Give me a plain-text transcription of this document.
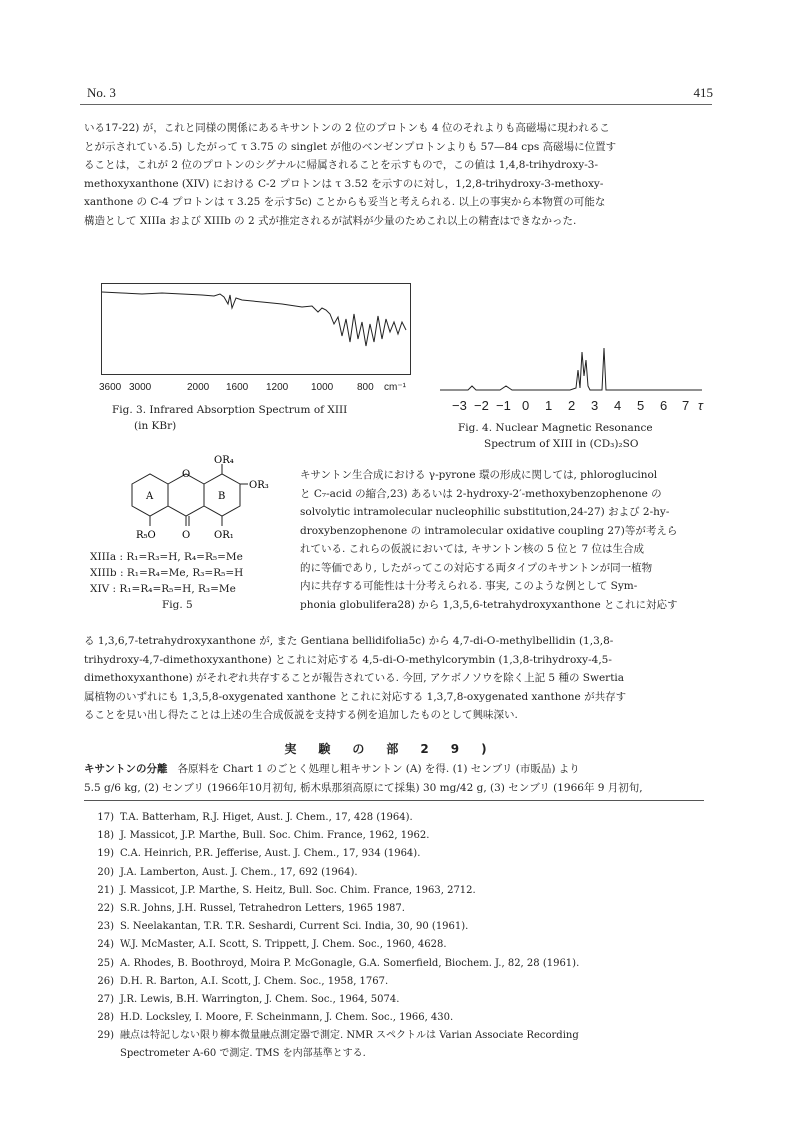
No. 3	415
いる17-22) が，これと同様の関係にあるキサントンの 2 位のプロトンも 4 位のそれよりも高磁場に現われるこ
とが示されている.5) したがって τ 3.75 の singlet が他のベンゼンプロトンよりも 57—84 cps 高磁場に位置す
ることは，これが 2 位のプロトンのシグナルに帰属されることを示すもので，この値は 1,4,8-trihydroxy-3-
methoxyxanthone (XIV) における C-2 プロトンは τ 3.52 を示すのに対し，1,2,8-trihydroxy-3-methoxy-
xanthone の C-4 プロトンは τ 3.25 を示す5c) ことからも妥当と考えられる. 以上の事実から本物質の可能な
構造として XIIIa および XIIIb の 2 式が推定されるが試料が少量のためこれ以上の精査はできなかった.
3600 3000	2000 1600 1200 1000 800 cm⁻¹
Fig. 3. Infrared Absorption Spectrum of XIII
(in KBr)
−3 −2 −1 0 1 2 3 4 5 6 7 τ
Fig. 4. Nuclear Magnetic Resonance
Spectrum of XIII in (CD₃)₂SO
OR₄
OR₃
O
A	B
R₅O	O OR₁
XIIIa : R₁=R₃=H, R₄=R₅=Me
XIIIb : R₁=R₄=Me, R₃=R₅=H
XIV : R₁=R₄=R₅=H, R₃=Me
Fig. 5
キサントン生合成における γ-pyrone 環の形成に関しては, phloroglucinol
と C₇-acid の縮合,23) あるいは 2-hydroxy-2′-methoxybenzophenone の
solvolytic intramolecular nucleophilic substitution,24-27) および 2-hy-
droxybenzophenone の intramolecular oxidative coupling 27)等が考えら
れている. これらの仮説においては, キサントン核の 5 位と 7 位は生合成
的に等価であり, したがってこの対応する両タイプのキサントンが同一植物
内に共存する可能性は十分考えられる. 事実, このような例として Sym-
phonia globulifera28) から 1,3,5,6-tetrahydroxyxanthone とこれに対応す
る 1,3,6,7-tetrahydroxyxanthone が, また Gentiana bellidifolia5c) から 4,7-di-O-methylbellidin (1,3,8-
trihydroxy-4,7-dimethoxyxanthone) とこれに対応する 4,5-di-O-methylcorymbin (1,3,8-trihydroxy-4,5-
dimethoxyxanthone) がそれぞれ共存することが報告されている. 今回, アケボノソウを除く上記 5 種の Swertia
属植物のいずれにも 1,3,5,8-oxygenated xanthone とこれに対応する 1,3,7,8-oxygenated xanthone が共存す
ることを見い出し得たことは上述の生合成仮説を支持する例を追加したものとして興味深い.
実験の部29)
キサントンの分離 各原料を Chart 1 のごとく処理し粗キサントン (A) を得. (1) センブリ (市販品) より
5.5 g/6 kg, (2) センブリ (1966年10月初旬, 栃木県那須高原にて採集) 30 mg/42 g, (3) センブリ (1966年 9 月初旬,
17) T.A. Batterham, R.J. Higet, Aust. J. Chem., 17, 428 (1964).
18) J. Massicot, J.P. Marthe, Bull. Soc. Chim. France, 1962, 1962.
19) C.A. Heinrich, P.R. Jefferise, Aust. J. Chem., 17, 934 (1964).
20) J.A. Lamberton, Aust. J. Chem., 17, 692 (1964).
21) J. Massicot, J.P. Marthe, S. Heitz, Bull. Soc. Chim. France, 1963, 2712.
22) S.R. Johns, J.H. Russel, Tetrahedron Letters, 1965 1987.
23) S. Neelakantan, T.R. T.R. Seshardi, Current Sci. India, 30, 90 (1961).
24) W.J. McMaster, A.I. Scott, S. Trippett, J. Chem. Soc., 1960, 4628.
25) A. Rhodes, B. Boothroyd, Moira P. McGonagle, G.A. Somerfield, Biochem. J., 82, 28 (1961).
26) D.H. R. Barton, A.I. Scott, J. Chem. Soc., 1958, 1767.
27) J.R. Lewis, B.H. Warrington, J. Chem. Soc., 1964, 5074.
28) H.D. Locksley, I. Moore, F. Scheinmann, J. Chem. Soc., 1966, 430.
29) 融点は特記しない限り柳本微量融点測定器で測定. NMR スペクトルは Varian Associate Recording
Spectrometer A-60 で測定. TMS を内部基準とする.
